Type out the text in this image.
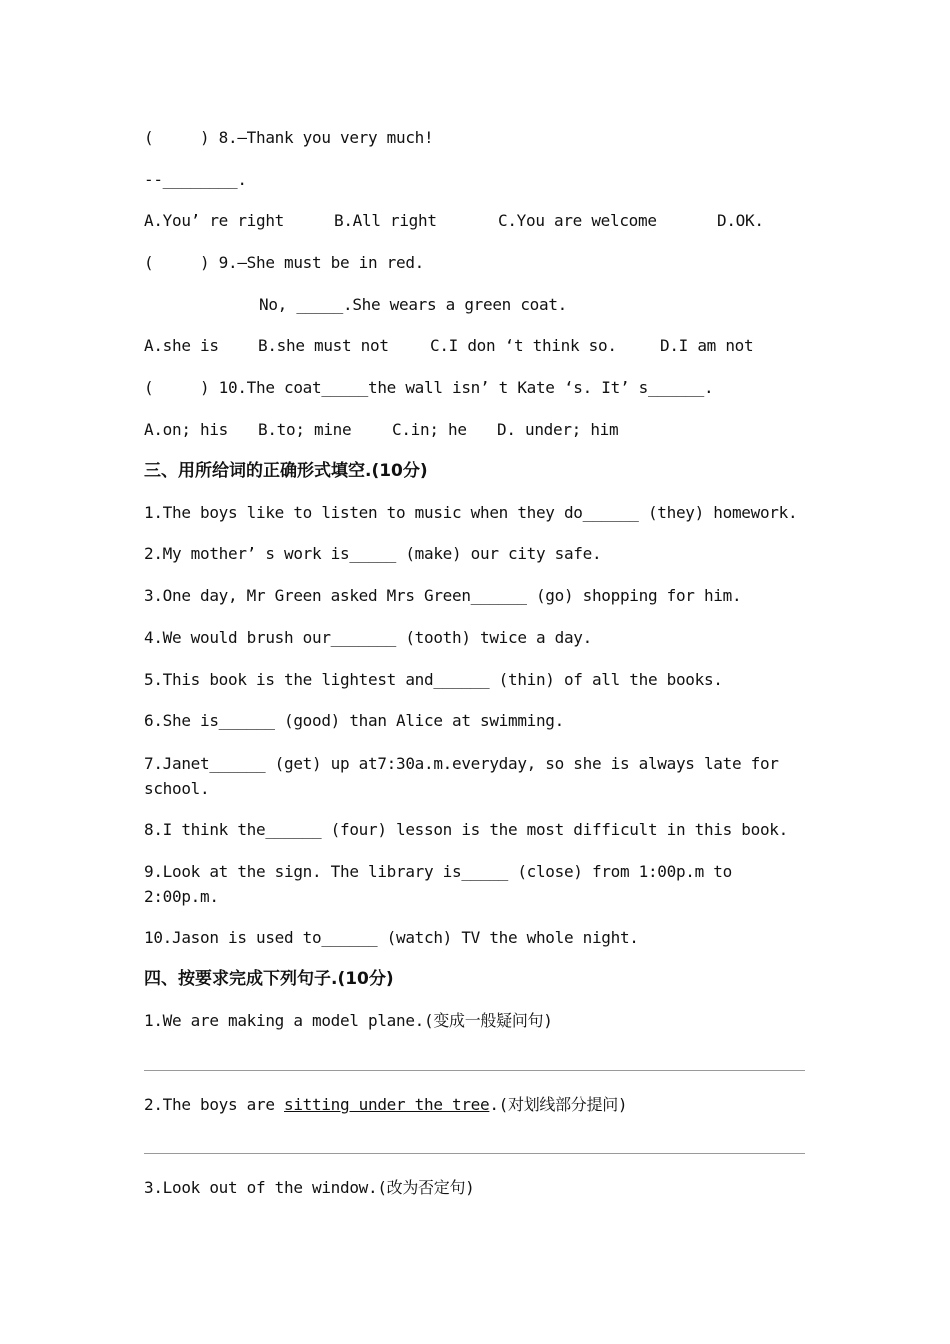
(     ) 8.—Thank you very much!
--________.

A.You’ re right

	B.All right

	C.You are welcome

	D.OK.

(     ) 9.—She must be in red.
No, _____.She wears a green coat.

A.she is

B.she must not

	C.I don ‘t think so.

	D.I am not

(     ) 10.The coat_____the wall isn’ t Kate ‘s. It’ s______.

A.on; his

B.to; mine

	C.in; he

D. under; him

三、用所给词的正确形式填空.(10分)
1.The boys like to listen to music when they do______ (they) homework.
2.My mother’ s work is_____ (make) our city safe.
3.One day, Mr Green asked Mrs Green______ (go) shopping for him.
4.We would brush our_______ (tooth) twice a day.
5.This book is the lightest and______ (thin) of all the books.
6.She is______ (good) than Alice at swimming.
7.Janet______ (get) up at7:30a.m.everyday, so she is always late for school.
8.I think the______ (four) lesson is the most difficult in this book.
9.Look at the sign. The library is_____ (close) from 1:00p.m to 2:00p.m.
10.Jason is used to______ (watch) TV the whole night.
四、按要求完成下列句子.(10分)
1.We are making a model plane.(变成一般疑问句)
2.The boys are sitting under the tree.(对划线部分提问)
3.Look out of the window.(改为否定句)
